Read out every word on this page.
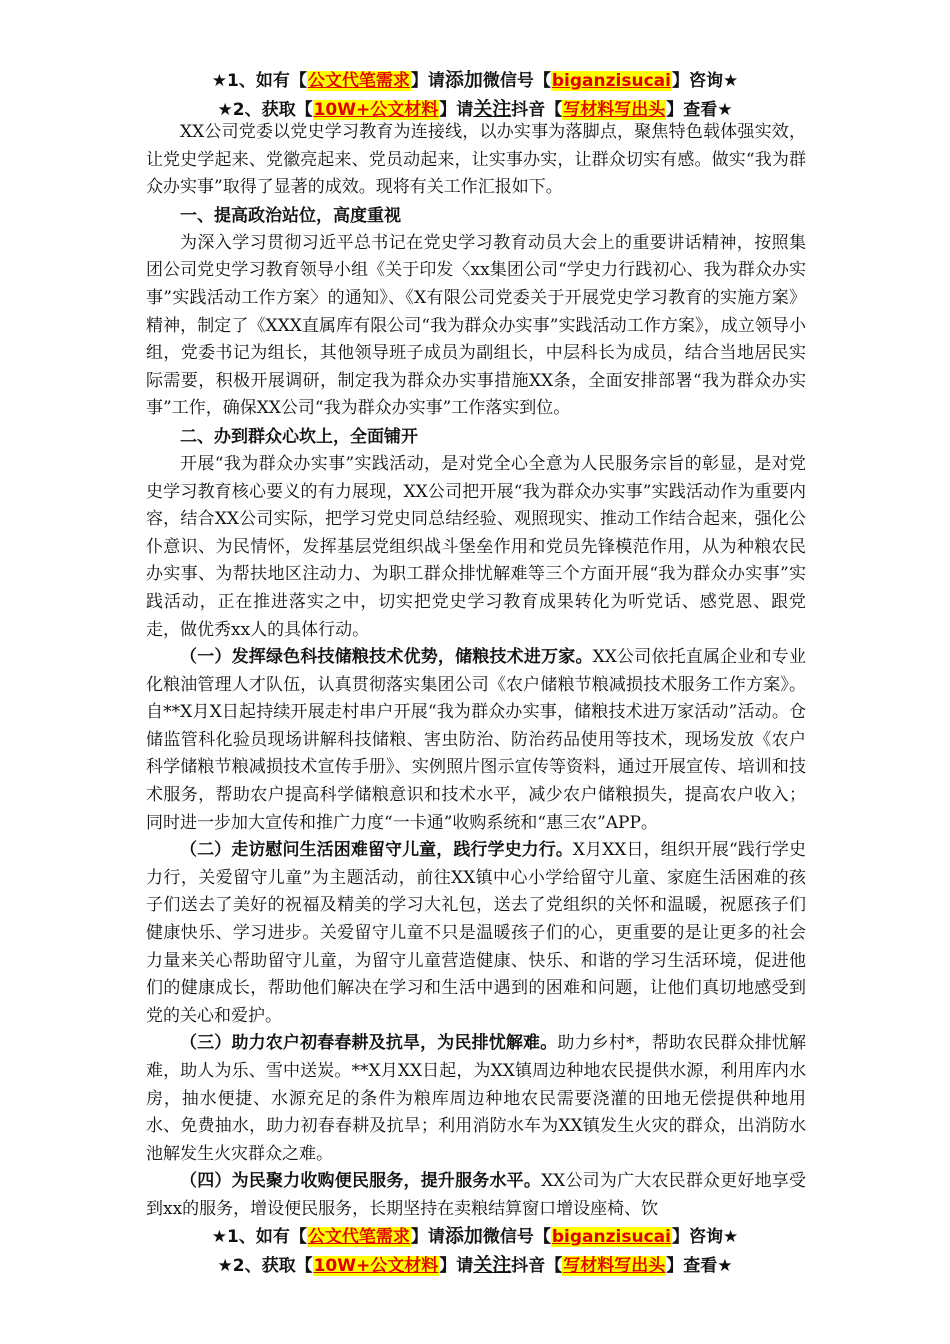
★1、如有【公文代笔需求】请添加微信号【biganzisucai】咨询★
★2、获取【10W+公文材料】请关注抖音【写材料写出头】查看★

XX公司党委以党史学习教育为连接线，以办实事为落脚点，聚焦特色载体强实效，让党史学起来、党徽亮起来、党员动起来，让实事办实，让群众切实有感。做实“我为群众办实事”取得了显著的成效。现将有关工作汇报如下。

一、提高政治站位，高度重视

为深入学习贯彻习近平总书记在党史学习教育动员大会上的重要讲话精神，按照集团公司党史学习教育领导小组《关于印发〈xx集团公司“学史力行践初心、我为群众办实事”实践活动工作方案〉的通知》、《X有限公司党委关于开展党史学习教育的实施方案》精神，制定了《XXX直属库有限公司“我为群众办实事”实践活动工作方案》，成立领导小组，党委书记为组长，其他领导班子成员为副组长，中层科长为成员，结合当地居民实际需要，积极开展调研，制定我为群众办实事措施XX条，全面安排部署“我为群众办实事”工作，确保XX公司“我为群众办实事”工作落实到位。

二、办到群众心坎上，全面铺开

开展“我为群众办实事”实践活动，是对党全心全意为人民服务宗旨的彰显，是对党史学习教育核心要义的有力展现，XX公司把开展“我为群众办实事”实践活动作为重要内容，结合XX公司实际，把学习党史同总结经验、观照现实、推动工作结合起来，强化公仆意识、为民情怀，发挥基层党组织战斗堡垒作用和党员先锋模范作用，从为种粮农民办实事、为帮扶地区注动力、为职工群众排忧解难等三个方面开展“我为群众办实事”实践活动，正在推进落实之中，切实把党史学习教育成果转化为听党话、感党恩、跟党走，做优秀xx人的具体行动。

（一）发挥绿色科技储粮技术优势，储粮技术进万家。XX公司依托直属企业和专业化粮油管理人才队伍，认真贯彻落实集团公司《农户储粮节粮减损技术服务工作方案》。自**X月X日起持续开展走村串户开展“我为群众办实事，储粮技术进万家活动”活动。仓储监管科化验员现场讲解科技储粮、害虫防治、防治药品使用等技术，现场发放《农户科学储粮节粮减损技术宣传手册》、实例照片图示宣传等资料，通过开展宣传、培训和技术服务，帮助农户提高科学储粮意识和技术水平，减少农户储粮损失，提高农户收入；同时进一步加大宣传和推广力度“一卡通”收购系统和“惠三农”APP。

（二）走访慰问生活困难留守儿童，践行学史力行。X月XX日，组织开展“践行学史力行，关爱留守儿童”为主题活动，前往XX镇中心小学给留守儿童、家庭生活困难的孩子们送去了美好的祝福及精美的学习大礼包，送去了党组织的关怀和温暖，祝愿孩子们健康快乐、学习进步。关爱留守儿童不只是温暖孩子们的心，更重要的是让更多的社会力量来关心帮助留守儿童，为留守儿童营造健康、快乐、和谐的学习生活环境，促进他们的健康成长，帮助他们解决在学习和生活中遇到的困难和问题，让他们真切地感受到党的关心和爱护。

（三）助力农户初春春耕及抗旱，为民排忧解难。助力乡村*，帮助农民群众排忧解难，助人为乐、雪中送炭。**X月XX日起，为XX镇周边种地农民提供水源，利用库内水房，抽水便捷、水源充足的条件为粮库周边种地农民需要浇灌的田地无偿提供种地用水、免费抽水，助力初春春耕及抗旱；利用消防水车为XX镇发生火灾的群众，出消防水池解发生火灾群众之难。

（四）为民聚力收购便民服务，提升服务水平。XX公司为广大农民群众更好地享受到xx的服务，增设便民服务，长期坚持在卖粮结算窗口增设座椅、饮

★1、如有【公文代笔需求】请添加微信号【biganzisucai】咨询★
★2、获取【10W+公文材料】请关注抖音【写材料写出头】查看★
